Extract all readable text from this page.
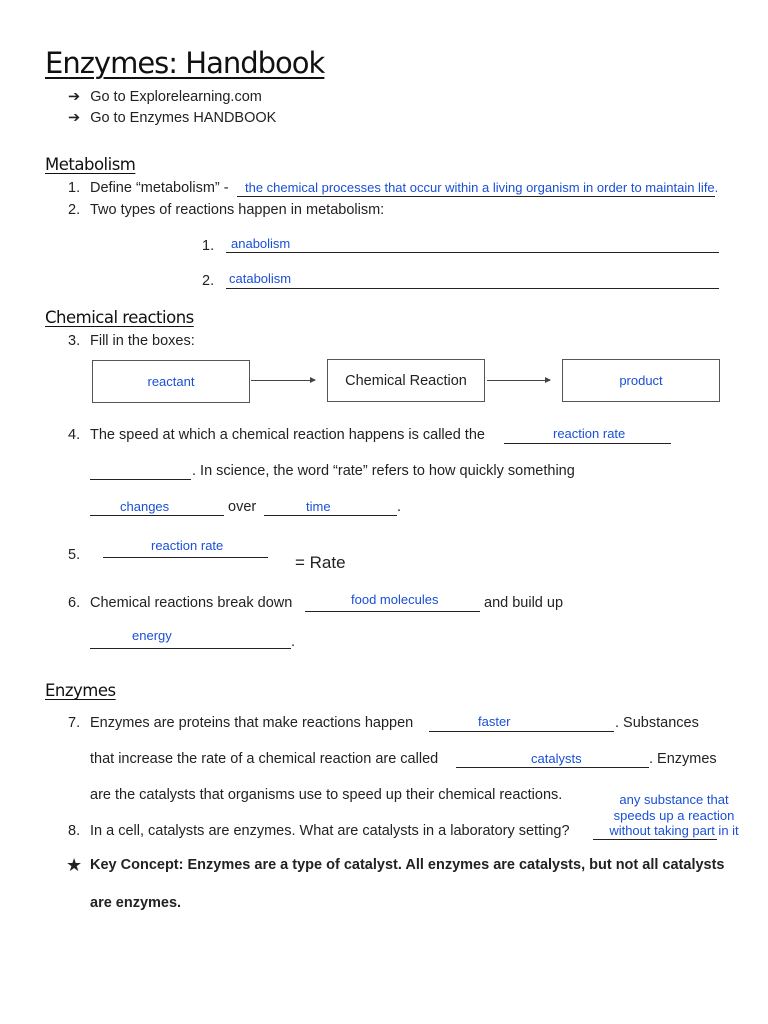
Enzymes: Handbook
➔ Go to Explorelearning.com
➔ Go to Enzymes HANDBOOK
Metabolism
1. Define “metabolism” - the chemical processes that occur within a living organism in order to maintain life.
2. Two types of reactions happen in metabolism:
1. anabolism
2. catabolism
Chemical reactions
3. Fill in the boxes:
reactant	Chemical Reaction	product
4. The speed at which a chemical reaction happens is called the	reaction rate
. In science, the word “rate” refers to how quickly something
changes	over	time	.
5.
reaction rate
= Rate
6. Chemical reactions break down	food molecules	and build up
energy	.
Enzymes
7. Enzymes are proteins that make reactions happen	faster	. Substances
that increase the rate of a chemical reaction are called	catalysts	. Enzymes
are the catalysts that organisms use to speed up their chemical reactions.
8. In a cell, catalysts are enzymes. What are catalysts in a laboratory setting?
any substance that
speeds up a reaction
without taking part in it
★ Key Concept: Enzymes are a type of catalyst. All enzymes are catalysts, but not all catalysts
are enzymes.
